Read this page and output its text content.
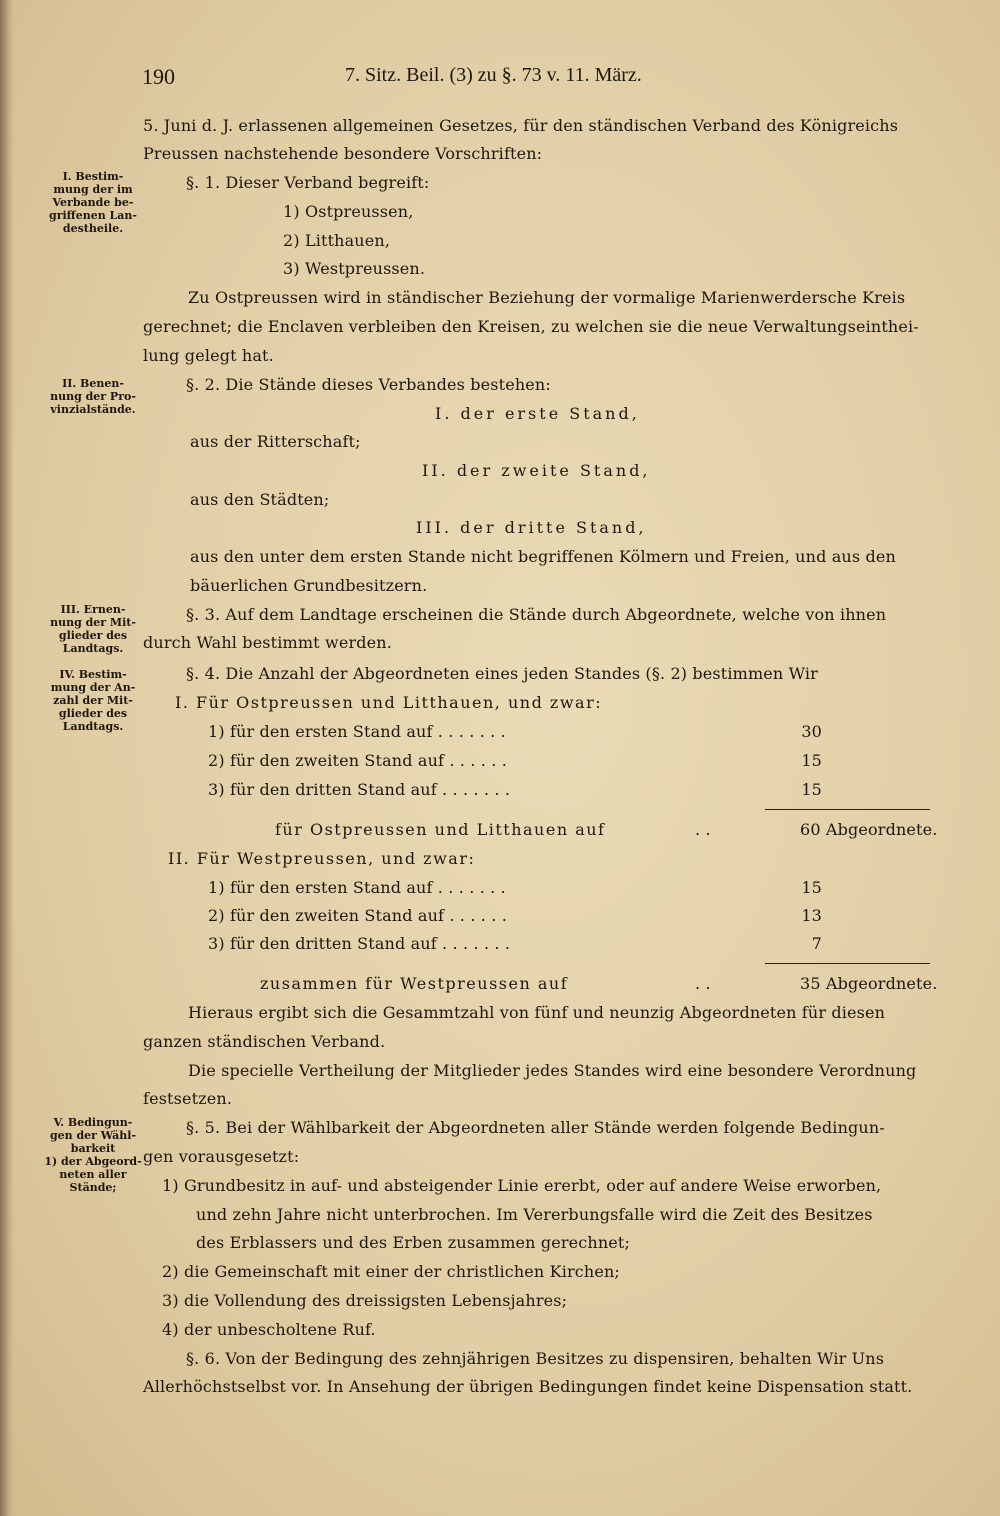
190	7. Sitz. Beil. (3) zu §. 73 v. 11. März.
I. Bestim-
mung der im
Verbande be-
griffenen Lan-
destheile.
II. Benen-
nung der Pro-
vinzialstände.
III. Ernen-
nung der Mit-
glieder des
Landtags.
IV. Bestim-
mung der An-
zahl der Mit-
glieder des
Landtags.
V. Bedingun-
gen der Wähl-
barkeit
1) der Abgeord-
neten aller
Stände;
5. Juni d. J. erlassenen allgemeinen Gesetzes, für den ständischen Verband des Königreichs
Preussen nachstehende besondere Vorschriften:
§. 1. Dieser Verband begreift:
1) Ostpreussen,
2) Litthauen,
3) Westpreussen.
Zu Ostpreussen wird in ständischer Beziehung der vormalige Marienwerdersche Kreis
gerechnet; die Enclaven verbleiben den Kreisen, zu welchen sie die neue Verwaltungseinthei-
lung gelegt hat.
§. 2. Die Stände dieses Verbandes bestehen:
I. der erste Stand,
aus der Ritterschaft;
II. der zweite Stand,
aus den Städten;
III. der dritte Stand,
aus den unter dem ersten Stande nicht begriffenen Kölmern und Freien, und aus den
bäuerlichen Grundbesitzern.
§. 3. Auf dem Landtage erscheinen die Stände durch Abgeordnete, welche von ihnen
durch Wahl bestimmt werden.
§. 4. Die Anzahl der Abgeordneten eines jeden Standes (§. 2) bestimmen Wir
I. Für Ostpreussen und Litthauen, und zwar:
1) für den ersten Stand auf . . . . . . .	30
2) für den zweiten Stand auf . . . . . .	15
3) für den dritten Stand auf . . . . . . .	15
für Ostpreussen und Litthauen auf	. .	60 Abgeordnete.
II. Für Westpreussen, und zwar:
1) für den ersten Stand auf . . . . . . .	15
2) für den zweiten Stand auf . . . . . .	13
3) für den dritten Stand auf . . . . . . .	7
zusammen für Westpreussen auf	. .	35 Abgeordnete.
Hieraus ergibt sich die Gesammtzahl von fünf und neunzig Abgeordneten für diesen
ganzen ständischen Verband.
Die specielle Vertheilung der Mitglieder jedes Standes wird eine besondere Verordnung
festsetzen.
§. 5. Bei der Wählbarkeit der Abgeordneten aller Stände werden folgende Bedingun-
gen vorausgesetzt:
1) Grundbesitz in auf- und absteigender Linie ererbt, oder auf andere Weise erworben,
und zehn Jahre nicht unterbrochen. Im Vererbungsfalle wird die Zeit des Besitzes
des Erblassers und des Erben zusammen gerechnet;
2) die Gemeinschaft mit einer der christlichen Kirchen;
3) die Vollendung des dreissigsten Lebensjahres;
4) der unbescholtene Ruf.
§. 6. Von der Bedingung des zehnjährigen Besitzes zu dispensiren, behalten Wir Uns
Allerhöchstselbst vor. In Ansehung der übrigen Bedingungen findet keine Dispensation statt.
